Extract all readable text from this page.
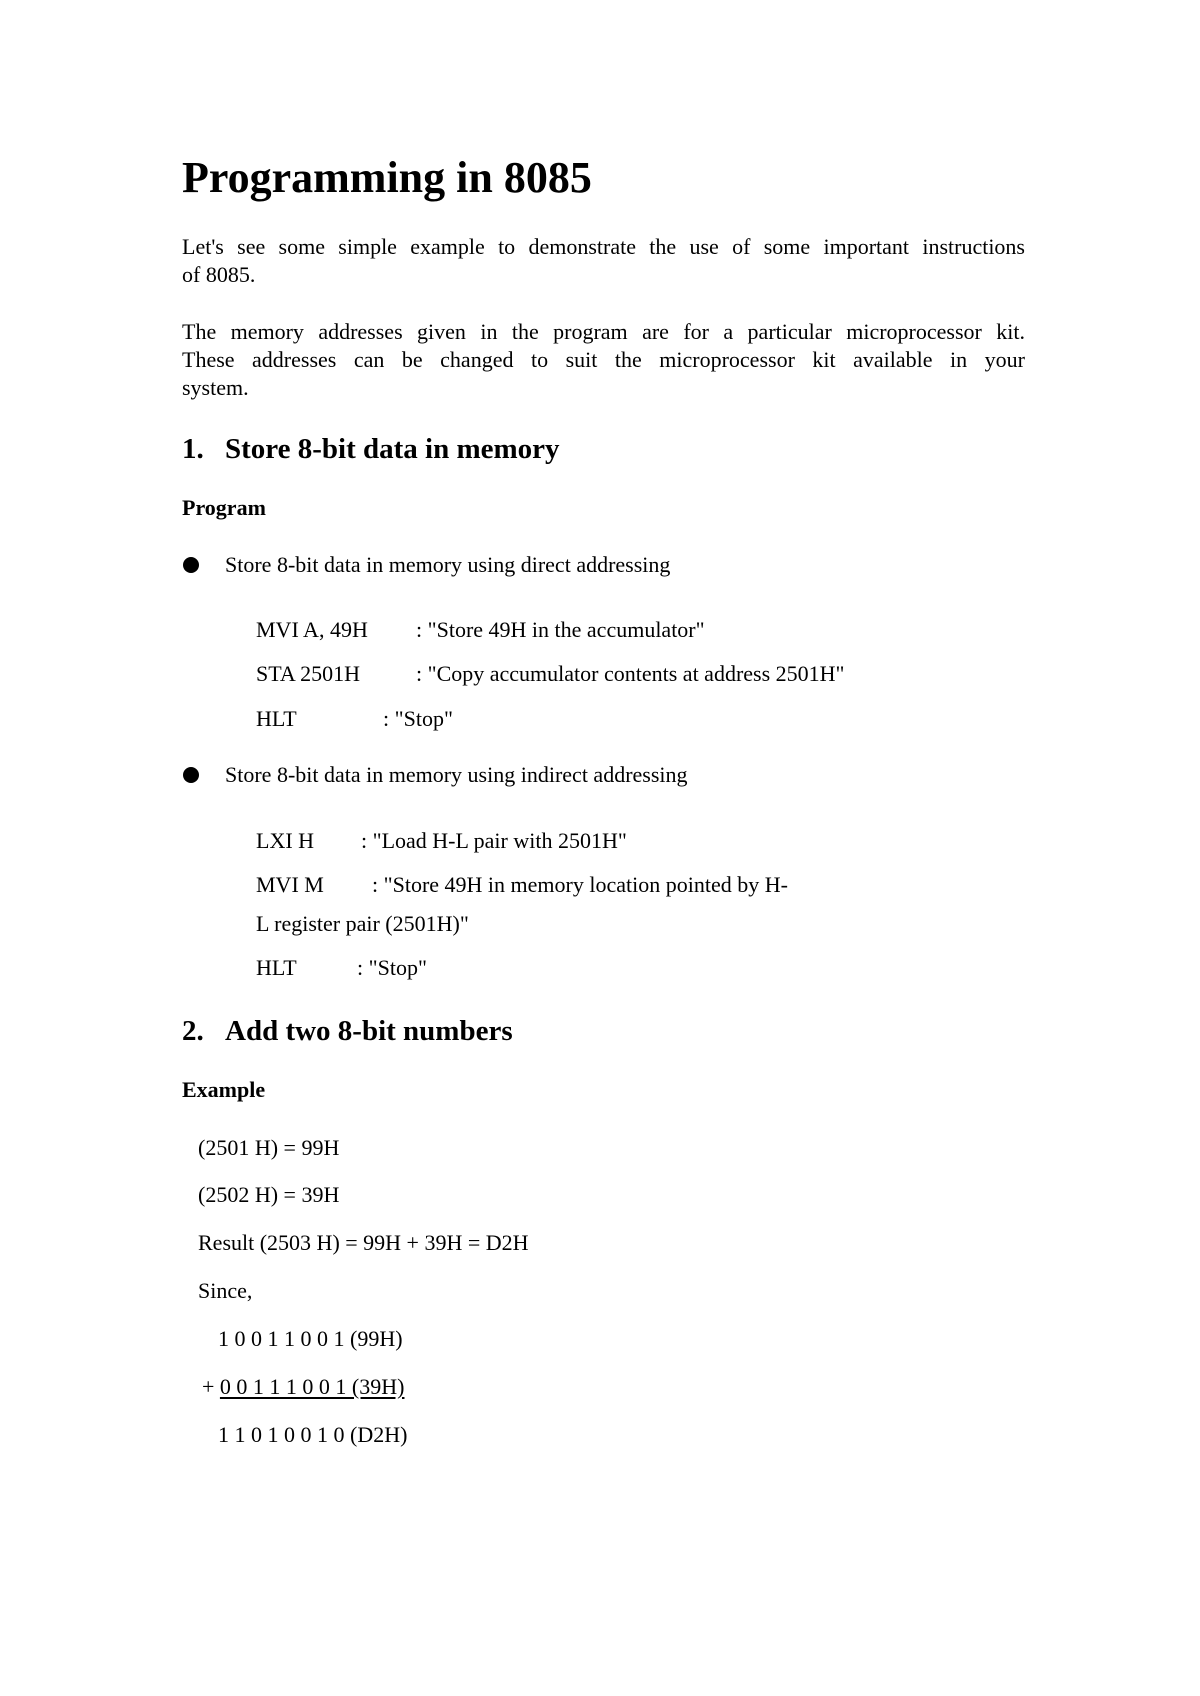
Programming in 8085
Let's see some simple example to demonstrate the use of some important instructions
of 8085.
The memory addresses given in the program are for a particular microprocessor kit.
These addresses can be changed to suit the microprocessor kit available in your
system.
1. Store 8-bit data in memory
Program
Store 8-bit data in memory using direct addressing
MVI A, 49H : "Store 49H in the accumulator"
STA 2501H	: "Copy accumulator contents at address 2501H"
HLT	: "Stop"
Store 8-bit data in memory using indirect addressing
LXI H : "Load H-L pair with 2501H"
MVI M : "Store 49H in memory location pointed by H-
L register pair (2501H)"
HLT	: "Stop"
2. Add two 8-bit numbers
Example
(2501 H) = 99H
(2502 H) = 39H
Result (2503 H) = 99H + 39H = D2H
Since,
1 0 0 1 1 0 0 1 (99H)
+ 0 0 1 1 1 0 0 1 (39H)
1 1 0 1 0 0 1 0 (D2H)
